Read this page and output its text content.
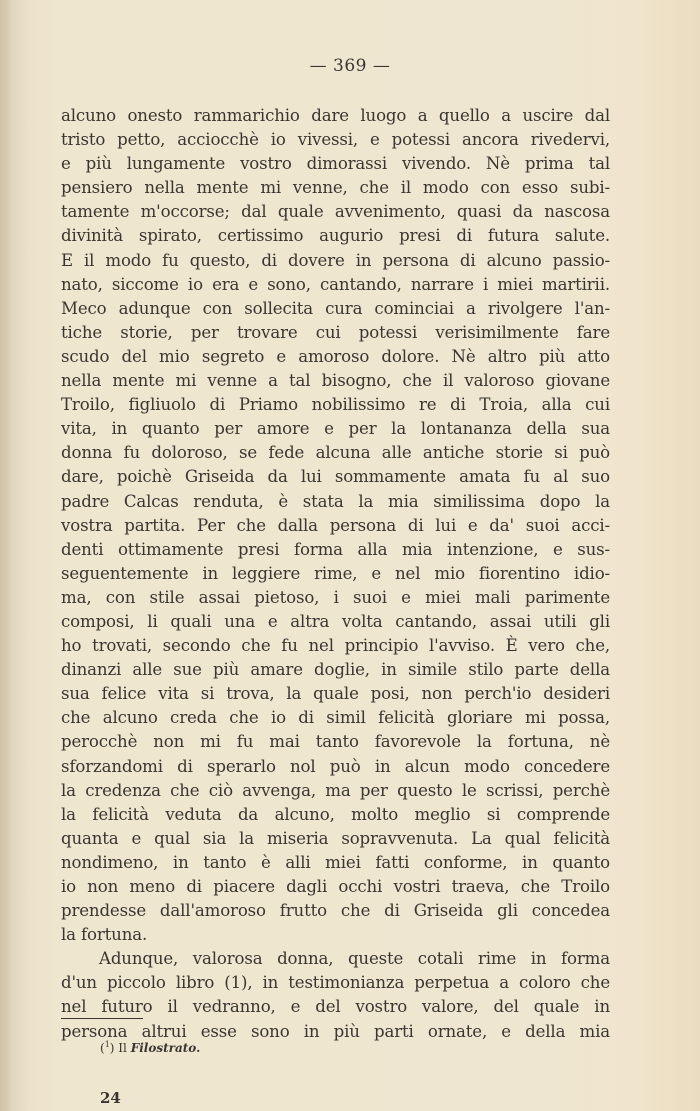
— 369 —
alcuno onesto rammarichio dare luogo a quello a uscire dal
tristo petto, acciocchè io vivessi, e potessi ancora rivedervi,
e più lungamente vostro dimorassi vivendo. Nè prima tal
pensiero nella mente mi venne, che il modo con esso subi-
tamente m'occorse; dal quale avvenimento, quasi da nascosa
divinità spirato, certissimo augurio presi di futura salute.
E il modo fu questo, di dovere in persona di alcuno passio-
nato, siccome io era e sono, cantando, narrare i miei martirii.
Meco adunque con sollecita cura cominciai a rivolgere l'an-
tiche storie, per trovare cui potessi verisimilmente fare
scudo del mio segreto e amoroso dolore. Nè altro più atto
nella mente mi venne a tal bisogno, che il valoroso giovane
Troilo, figliuolo di Priamo nobilissimo re di Troia, alla cui
vita, in quanto per amore e per la lontananza della sua
donna fu doloroso, se fede alcuna alle antiche storie si può
dare, poichè Griseida da lui sommamente amata fu al suo
padre Calcas renduta, è stata la mia similissima dopo la
vostra partita. Per che dalla persona di lui e da' suoi acci-
denti ottimamente presi forma alla mia intenzione, e sus-
seguentemente in leggiere rime, e nel mio fiorentino idio-
ma, con stile assai pietoso, i suoi e miei mali parimente
composi, li quali una e altra volta cantando, assai utili gli
ho trovati, secondo che fu nel principio l'avviso. È vero che,
dinanzi alle sue più amare doglie, in simile stilo parte della
sua felice vita si trova, la quale posi, non perch'io desideri
che alcuno creda che io di simil felicità gloriare mi possa,
perocchè non mi fu mai tanto favorevole la fortuna, nè
sforzandomi di sperarlo nol può in alcun modo concedere
la credenza che ciò avvenga, ma per questo le scrissi, perchè
la felicità veduta da alcuno, molto meglio si comprende
quanta e qual sia la miseria sopravvenuta. La qual felicità
nondimeno, in tanto è alli miei fatti conforme, in quanto
io non meno di piacere dagli occhi vostri traeva, che Troilo
prendesse dall'amoroso frutto che di Griseida gli concedea
la fortuna.
Adunque, valorosa donna, queste cotali rime in forma
d'un piccolo libro (1), in testimonianza perpetua a coloro che
nel futuro il vedranno, e del vostro valore, del quale in
persona altrui esse sono in più parti ornate, e della mia
($^1$) Il Filostrato.
24
